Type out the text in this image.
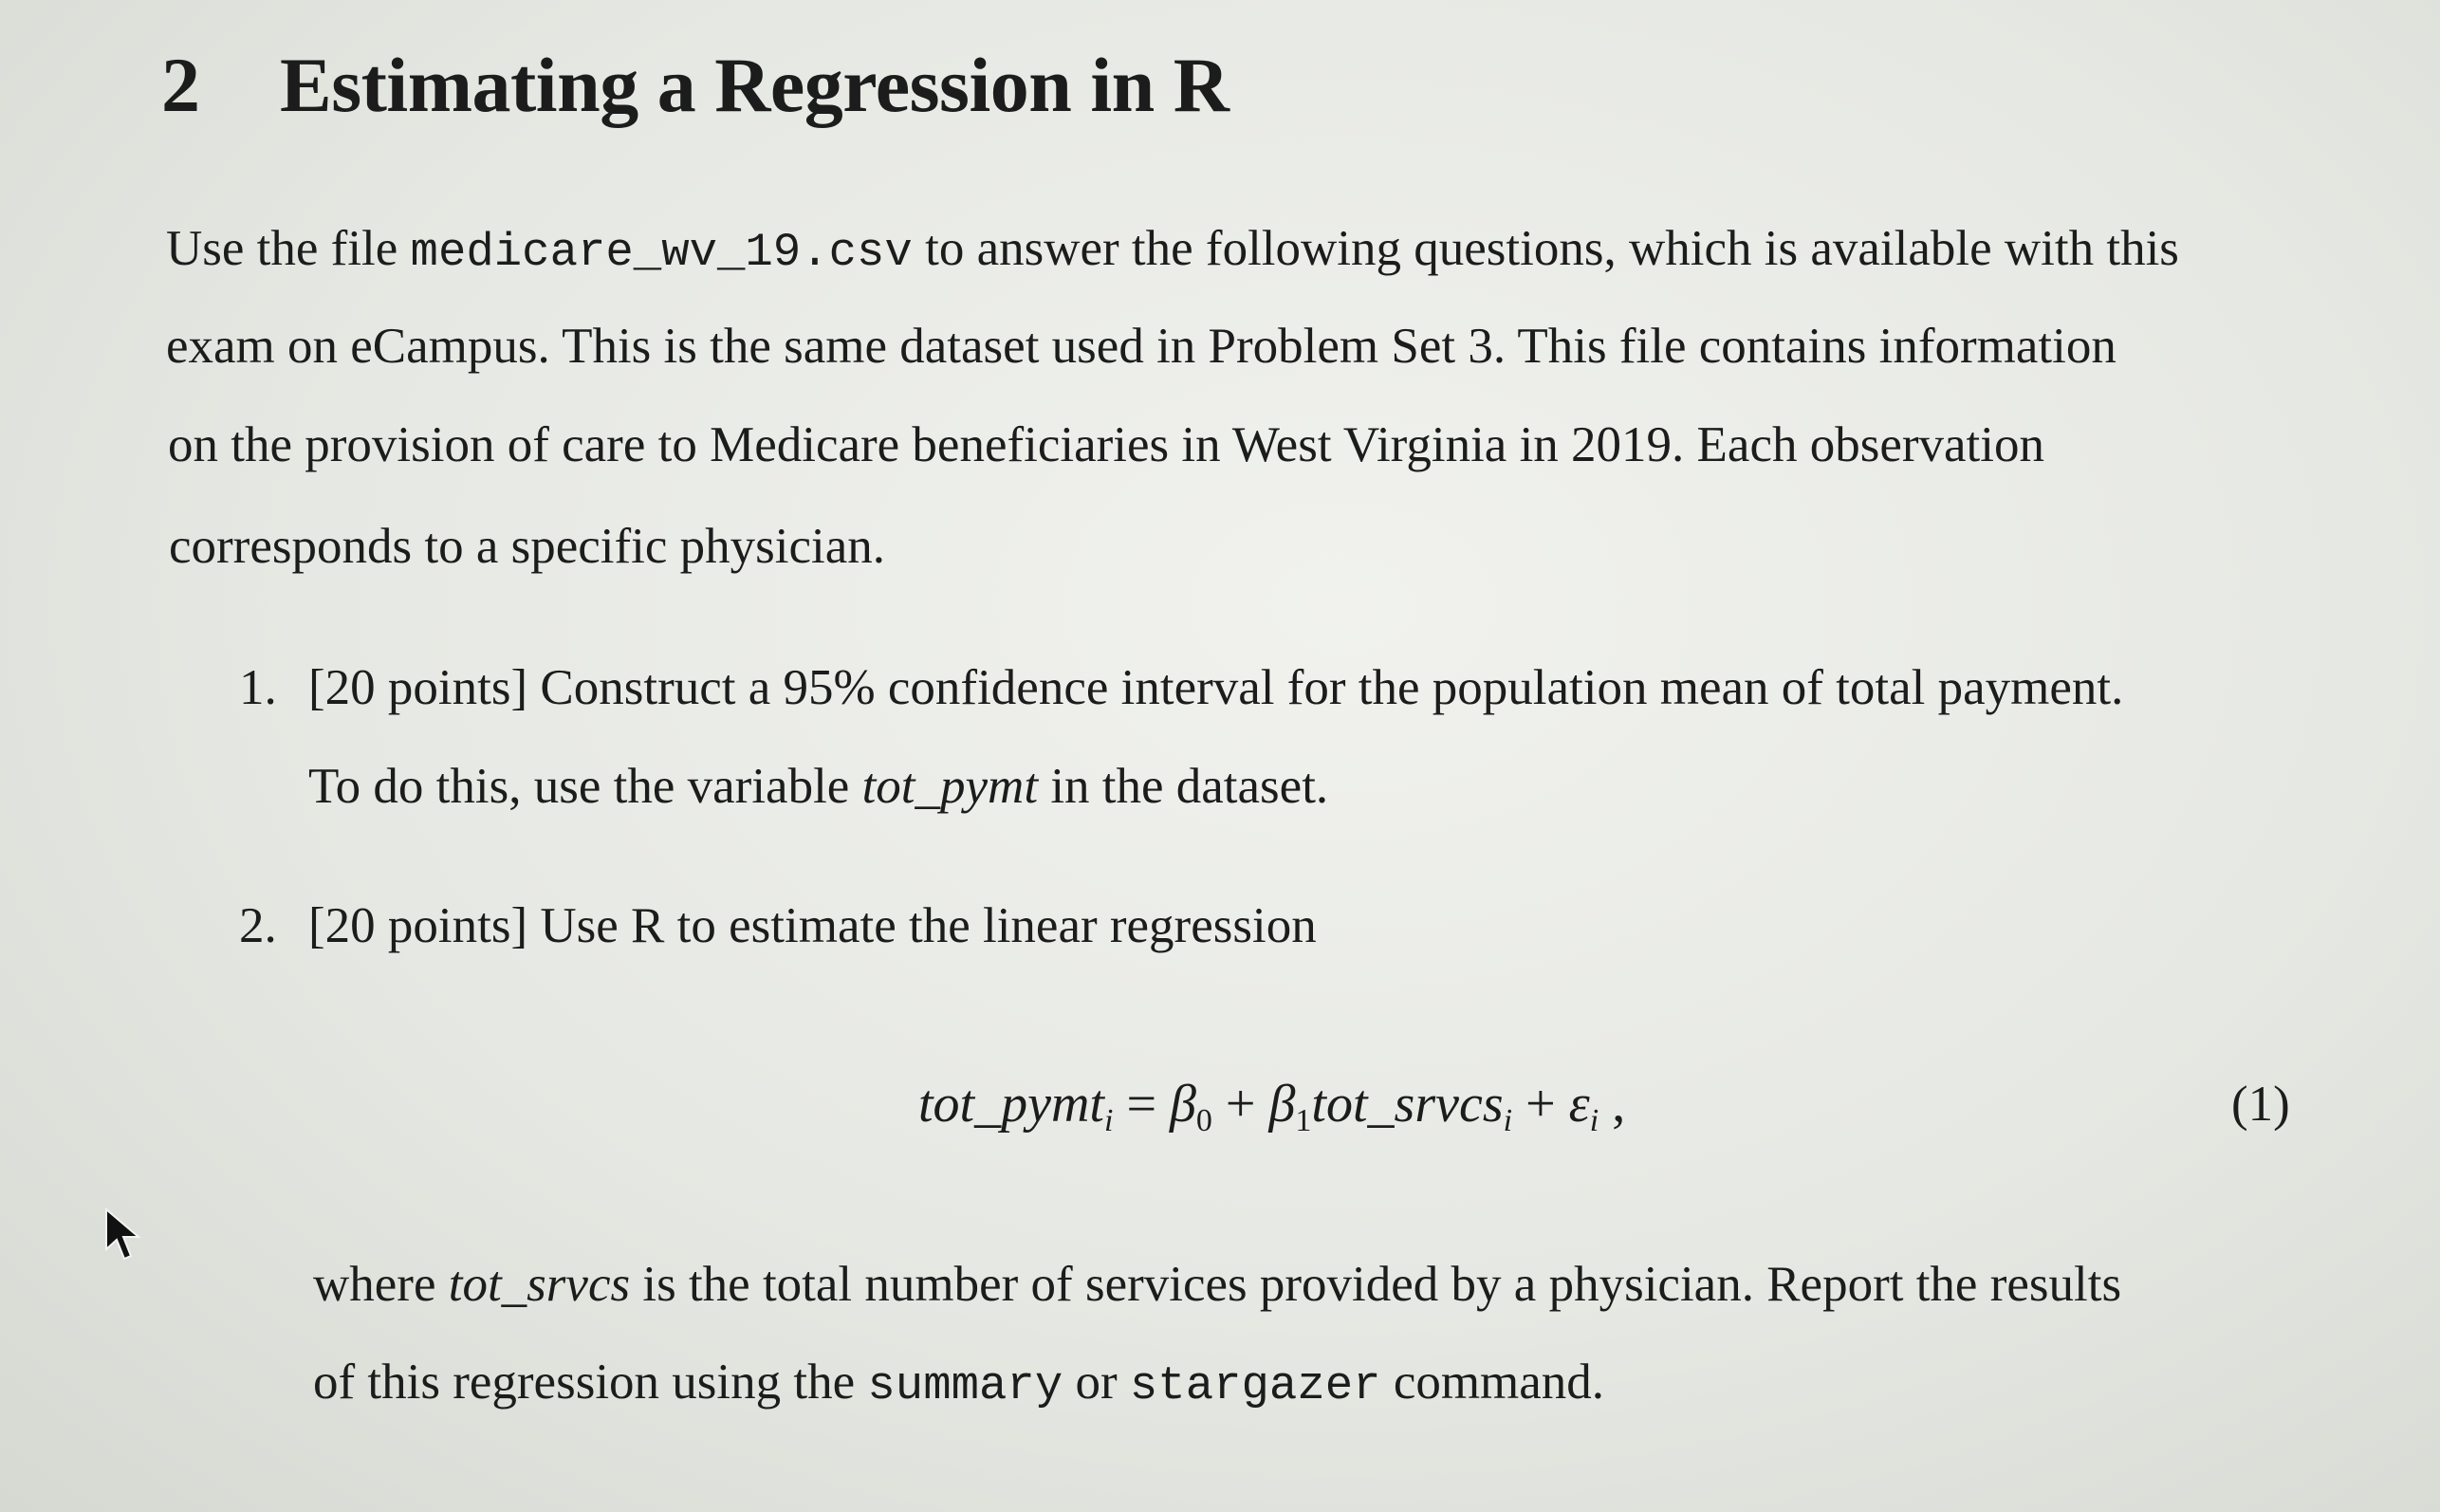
2 Estimating a Regression in R
Use the file medicare_wv_19.csv to answer the following questions, which is available with this
exam on eCampus. This is the same dataset used in Problem Set 3. This file contains information
on the provision of care to Medicare beneficiaries in West Virginia in 2019. Each observation
corresponds to a specific physician.
1. [20 points] Construct a 95% confidence interval for the population mean of total payment.
To do this, use the variable tot_pymt in the dataset.
2. [20 points] Use R to estimate the linear regression
tot_pymt$_i$ = $\beta_0$ + $\beta_1tot\_srvcs_i + \varepsilon_i$ ,	(1)
where tot_srvcs is the total number of services provided by a physician. Report the results
of this regression using the summary or stargazer command.
